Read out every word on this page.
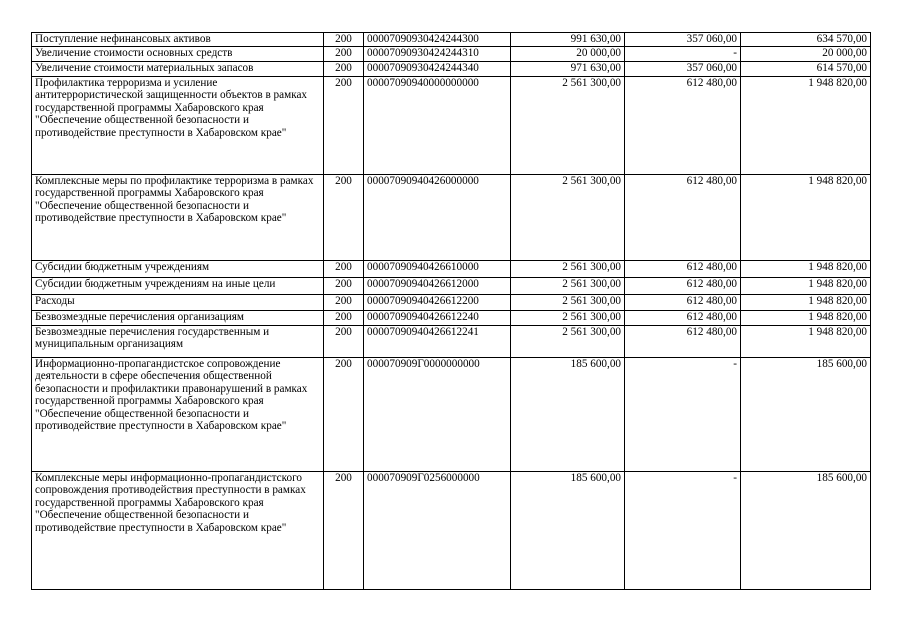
Поступление нефинансовых активов	200	00007090930424244300	991 630,00	357 060,00	634 570,00
Увеличение стоимости основных средств	200	00007090930424244310	20 000,00	-	20 000,00
Увеличение стоимости материальных запасов	200	00007090930424244340	971 630,00	357 060,00	614 570,00
Профилактика терроризма и усиление антитеррористической защищенности объектов в рамках государственной программы Хабаровского края "Обеспечение общественной безопасности и противодействие преступности в Хабаровском крае"	200	00007090940000000000	2 561 300,00	612 480,00	1 948 820,00
Комплексные меры по профилактике терроризма в рамках государственной программы Хабаровского края "Обеспечение общественной безопасности и противодействие преступности в Хабаровском крае"	200	00007090940426000000	2 561 300,00	612 480,00	1 948 820,00
Субсидии бюджетным учреждениям	200	00007090940426610000	2 561 300,00	612 480,00	1 948 820,00
Субсидии бюджетным учреждениям на иные цели	200	00007090940426612000	2 561 300,00	612 480,00	1 948 820,00
Расходы	200	00007090940426612200	2 561 300,00	612 480,00	1 948 820,00
Безвозмездные перечисления организациям	200	00007090940426612240	2 561 300,00	612 480,00	1 948 820,00
Безвозмездные перечисления государственным и муниципальным организациям	200	00007090940426612241	2 561 300,00	612 480,00	1 948 820,00
Информационно-пропагандистское сопровождение деятельности в сфере обеспечения общественной безопасности и профилактики правонарушений в рамках государственной программы Хабаровского края "Обеспечение общественной безопасности и противодействие преступности в Хабаровском крае"	200	000070909Г0000000000	185 600,00	-	185 600,00
Комплексные меры информационно-пропагандистского сопровождения противодействия преступности в рамках государственной программы Хабаровского края "Обеспечение общественной безопасности и противодействие преступности в Хабаровском крае"	200	000070909Г0256000000	185 600,00	-	185 600,00
